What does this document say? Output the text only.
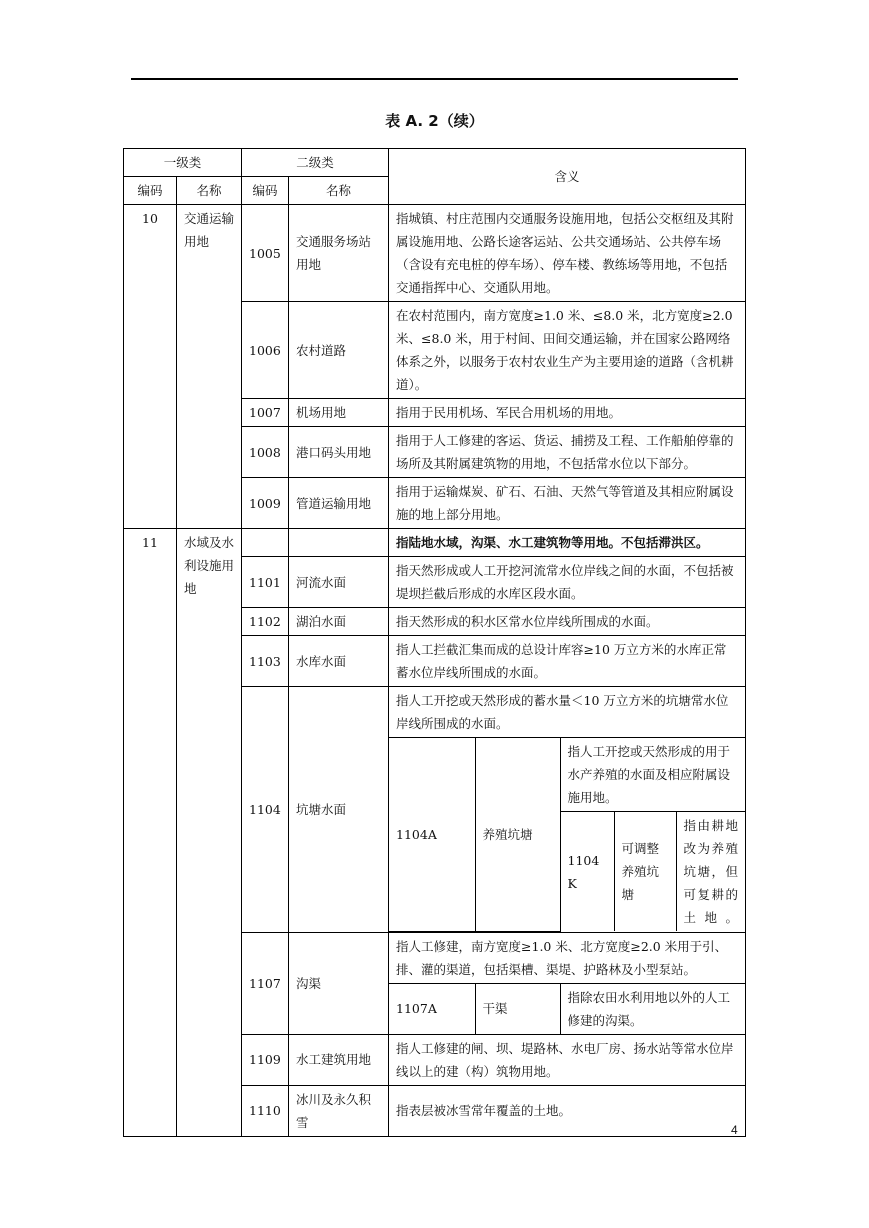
表 A. 2（续）
一级类	二级类	含义
编码	名称	编码	名称
10	交通运输用地	1005	交通服务场站用地	指城镇、村庄范围内交通服务设施用地，包括公交枢纽及其附属设施用地、公路长途客运站、公共交通场站、公共停车场（含设有充电桩的停车场）、停车楼、教练场等用地，不包括交通指挥中心、交通队用地。
1006	农村道路	在农村范围内，南方宽度≥1.0 米、≤8.0 米，北方宽度≥2.0 米、≤8.0 米，用于村间、田间交通运输，并在国家公路网络体系之外，以服务于农村农业生产为主要用途的道路（含机耕道）。
1007	机场用地	指用于民用机场、军民合用机场的用地。
1008	港口码头用地	指用于人工修建的客运、货运、捕捞及工程、工作船舶停靠的场所及其附属建筑物的用地，不包括常水位以下部分。
1009	管道运输用地	指用于运输煤炭、矿石、石油、天然气等管道及其相应附属设施的地上部分用地。
11	水域及水利设施用地			指陆地水域，沟渠、水工建筑物等用地。不包括滞洪区。
1101	河流水面	指天然形成或人工开挖河流常水位岸线之间的水面，不包括被堤坝拦截后形成的水库区段水面。
1102	湖泊水面	指天然形成的积水区常水位岸线所围成的水面。
1103	水库水面	指人工拦截汇集而成的总设计库容≥10 万立方米的水库正常蓄水位岸线所围成的水面。
1104	坑塘水面	
指人工开挖或天然形成的蓄水量＜10 万立方米的坑塘常水位岸线所围成的水面。
1104A	养殖坑塘	指人工开挖或天然形成的用于水产养殖的水面及相应附属设施用地。
1104K	可调整养殖坑塘	指由耕地改为养殖坑塘，但可复耕的土地。

1107	沟渠	
指人工修建，南方宽度≥1.0 米、北方宽度≥2.0 米用于引、排、灌的渠道，包括渠槽、渠堤、护路林及小型泵站。
1107A	干渠	指除农田水利用地以外的人工修建的沟渠。

1109	水工建筑用地	指人工修建的闸、坝、堤路林、水电厂房、扬水站等常水位岸线以上的建（构）筑物用地。
1110	冰川及永久积雪	指表层被冰雪常年覆盖的土地。
4
